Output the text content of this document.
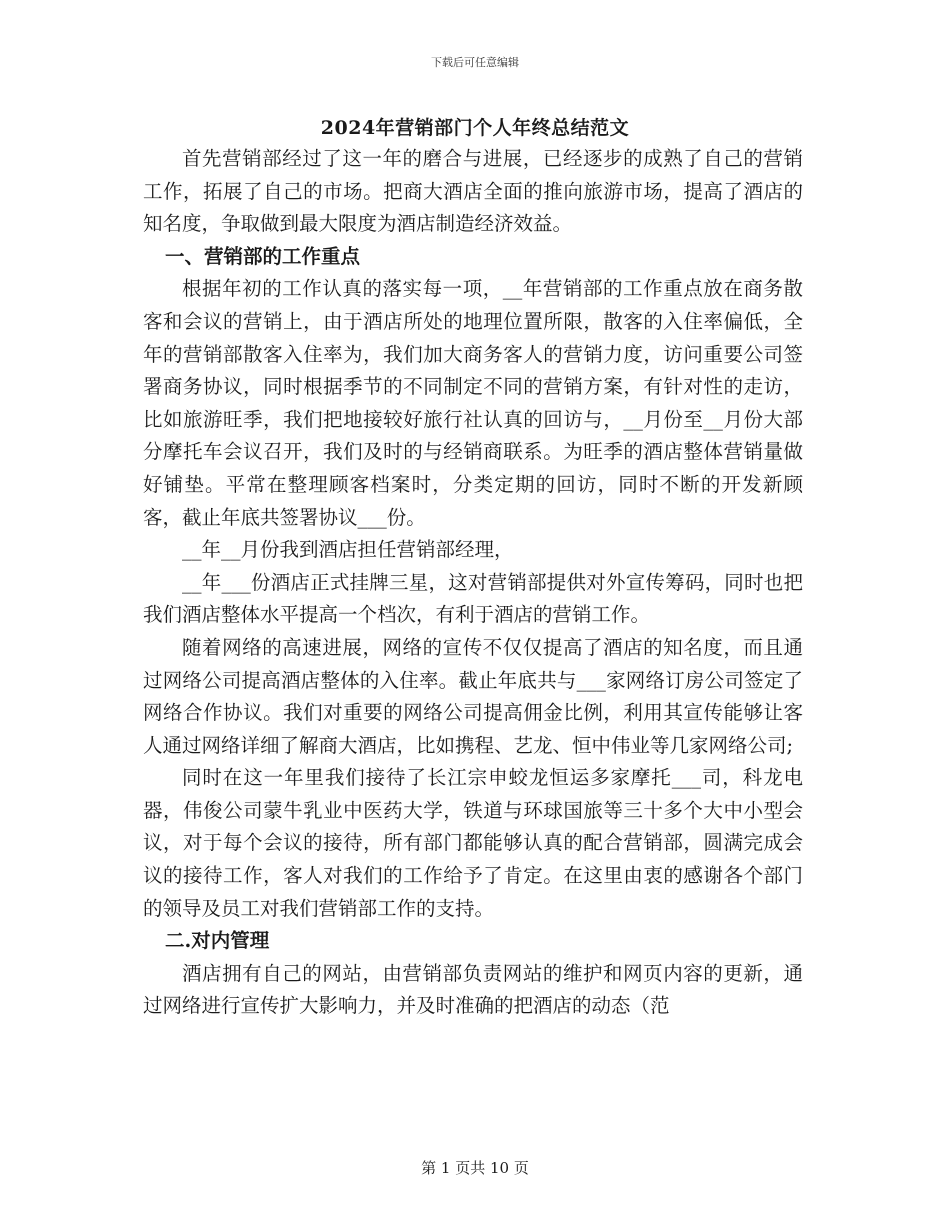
下载后可任意编辑
2024年营销部门个人年终总结范文

首先营销部经过了这一年的磨合与进展，已经逐步的成熟了自己的营销工作，拓展了自己的市场。把商大酒店全面的推向旅游市场，提高了酒店的知名度，争取做到最大限度为酒店制造经济效益。

一、营销部的工作重点

根据年初的工作认真的落实每一项，__年营销部的工作重点放在商务散客和会议的营销上，由于酒店所处的地理位置所限，散客的入住率偏低，全年的营销部散客入住率为，我们加大商务客人的营销力度，访问重要公司签署商务协议，同时根据季节的不同制定不同的营销方案，有针对性的走访，比如旅游旺季，我们把地接较好旅行社认真的回访与，__月份至__月份大部分摩托车会议召开，我们及时的与经销商联系。为旺季的酒店整体营销量做好铺垫。平常在整理顾客档案时，分类定期的回访，同时不断的开发新顾客，截止年底共签署协议___份。

__年__月份我到酒店担任营销部经理，

__年___份酒店正式挂牌三星，这对营销部提供对外宣传筹码，同时也把我们酒店整体水平提高一个档次，有利于酒店的营销工作。

随着网络的高速进展，网络的宣传不仅仅提高了酒店的知名度，而且通过网络公司提高酒店整体的入住率。截止年底共与___家网络订房公司签定了网络合作协议。我们对重要的网络公司提高佣金比例，利用其宣传能够让客人通过网络详细了解商大酒店，比如携程、艺龙、恒中伟业等几家网络公司;

同时在这一年里我们接待了长江宗申蛟龙恒运多家摩托___司，科龙电器，伟俊公司蒙牛乳业中医药大学，铁道与环球国旅等三十多个大中小型会议，对于每个会议的接待，所有部门都能够认真的配合营销部，圆满完成会议的接待工作，客人对我们的工作给予了肯定。在这里由衷的感谢各个部门的领导及员工对我们营销部工作的支持。

二.对内管理

酒店拥有自己的网站，由营销部负责网站的维护和网页内容的更新，通过网络进行宣传扩大影响力，并及时准确的把酒店的动态（范

第 1 页共 10 页
